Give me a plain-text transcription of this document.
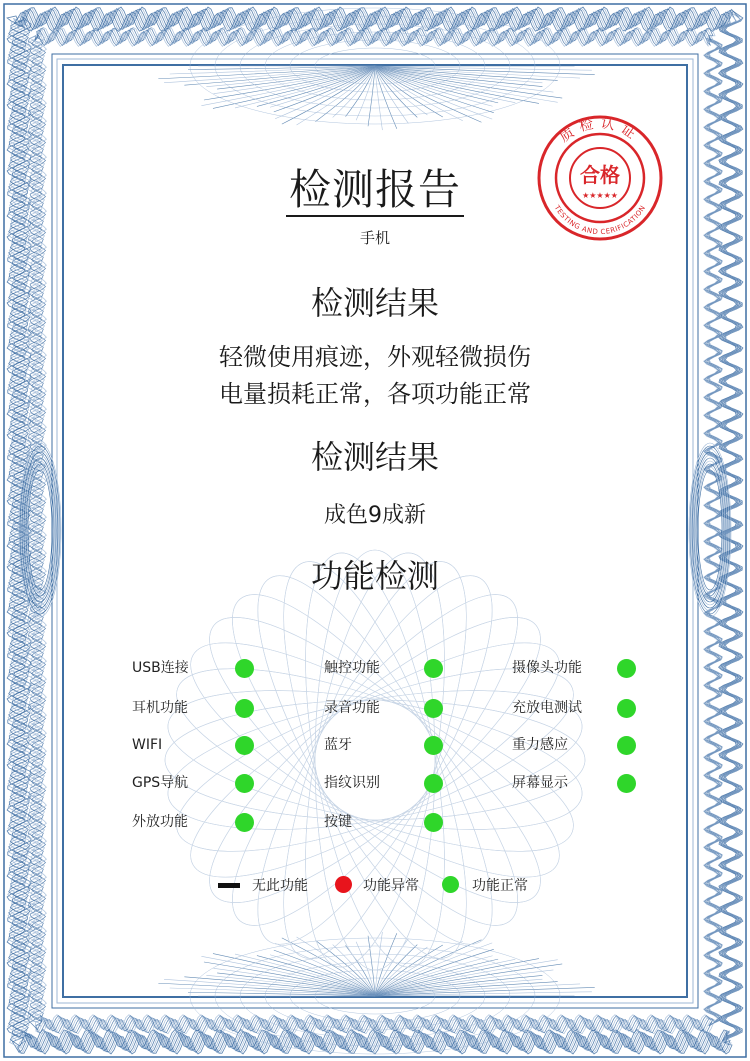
质检认证
TESTING AND CERIFICATION
合格
★★★★★
检测报告
手机
检测结果
轻微使用痕迹，外观轻微损伤
电量损耗正常，各项功能正常
检测结果
成色9成新
功能检测
USB连接
耳机功能
WIFI
GPS导航
外放功能
触控功能
录音功能
蓝牙
指纹识别
按键
摄像头功能
充放电测试
重力感应
屏幕显示
无此功能	功能异常	功能正常
